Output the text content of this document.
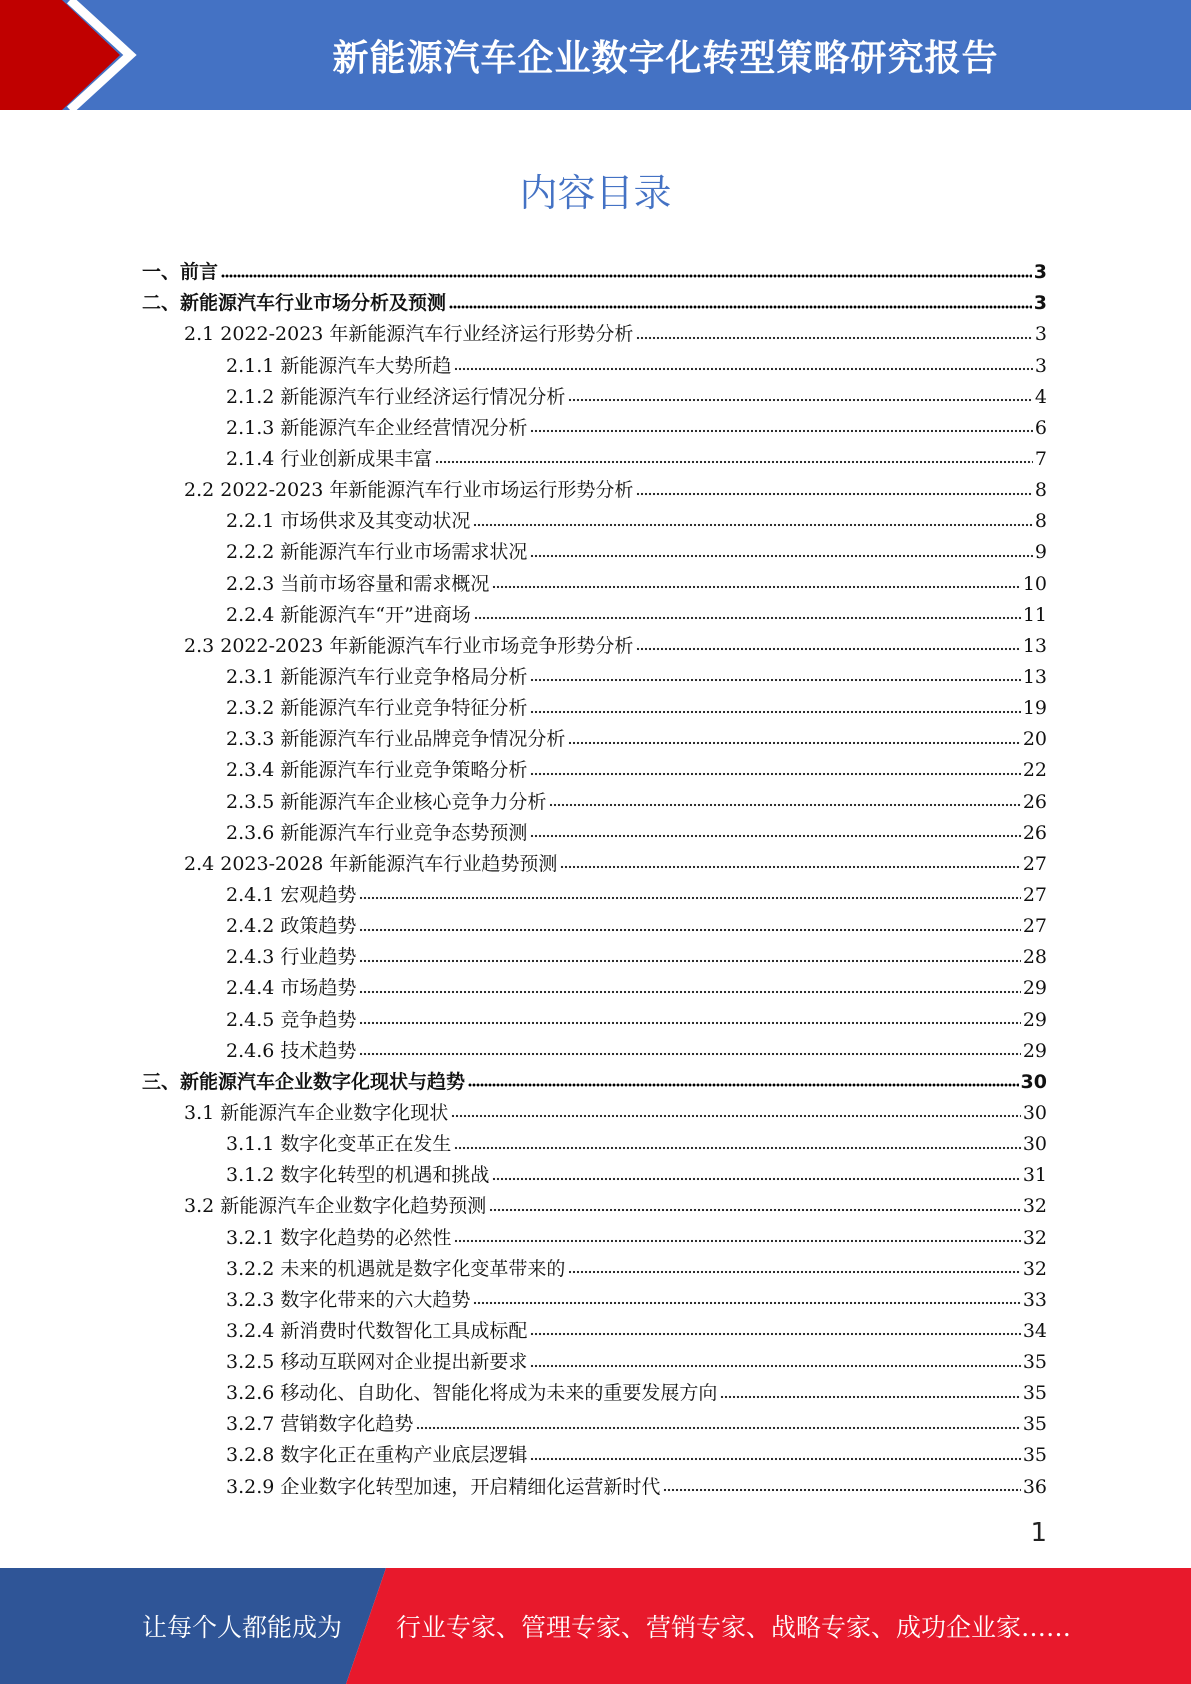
新能源汽车企业数字化转型策略研究报告
内容目录
一、前言	3
二、新能源汽车行业市场分析及预测	3
2.1 2022-2023 年新能源汽车行业经济运行形势分析	3
2.1.1 新能源汽车大势所趋	3
2.1.2 新能源汽车行业经济运行情况分析	4
2.1.3 新能源汽车企业经营情况分析	6
2.1.4 行业创新成果丰富	7
2.2 2022-2023 年新能源汽车行业市场运行形势分析	8
2.2.1 市场供求及其变动状况	8
2.2.2 新能源汽车行业市场需求状况	9
2.2.3 当前市场容量和需求概况	10
2.2.4 新能源汽车“开”进商场	11
2.3 2022-2023 年新能源汽车行业市场竞争形势分析	13
2.3.1 新能源汽车行业竞争格局分析	13
2.3.2 新能源汽车行业竞争特征分析	19
2.3.3 新能源汽车行业品牌竞争情况分析	20
2.3.4 新能源汽车行业竞争策略分析	22
2.3.5 新能源汽车企业核心竞争力分析	26
2.3.6 新能源汽车行业竞争态势预测	26
2.4 2023-2028 年新能源汽车行业趋势预测	27
2.4.1 宏观趋势	27
2.4.2 政策趋势	27
2.4.3 行业趋势	28
2.4.4 市场趋势	29
2.4.5 竞争趋势	29
2.4.6 技术趋势	29
三、新能源汽车企业数字化现状与趋势	30
3.1 新能源汽车企业数字化现状	30
3.1.1 数字化变革正在发生	30
3.1.2 数字化转型的机遇和挑战	31
3.2 新能源汽车企业数字化趋势预测	32
3.2.1 数字化趋势的必然性	32
3.2.2 未来的机遇就是数字化变革带来的	32
3.2.3 数字化带来的六大趋势	33
3.2.4 新消费时代数智化工具成标配	34
3.2.5 移动互联网对企业提出新要求	35
3.2.6 移动化、自助化、智能化将成为未来的重要发展方向	35
3.2.7 营销数字化趋势	35
3.2.8 数字化正在重构产业底层逻辑	35
3.2.9 企业数字化转型加速，开启精细化运营新时代	36
1
让每个人都能成为 行业专家、管理专家、营销专家、战略专家、成功企业家……
